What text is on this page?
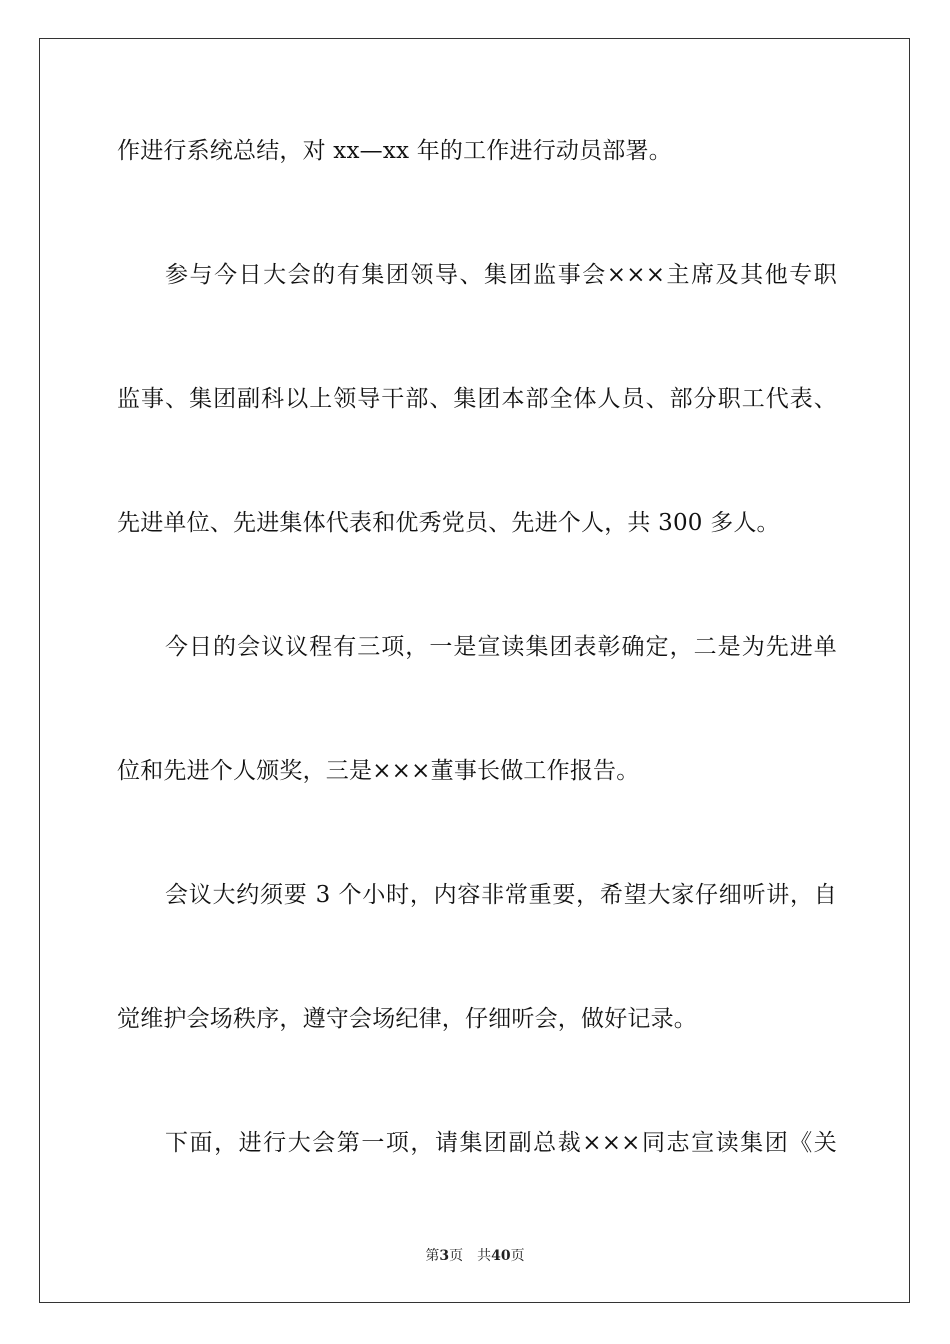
作进行系统总结，对 xx—xx 年的工作进行动员部署。
参与今日大会的有集团领导、集团监事会×××主席及其他专职
监事、集团副科以上领导干部、集团本部全体人员、部分职工代表、
先进单位、先进集体代表和优秀党员、先进个人，共 300 多人。
今日的会议议程有三项，一是宣读集团表彰确定，二是为先进单
位和先进个人颁奖，三是×××董事长做工作报告。
会议大约须要 3 个小时，内容非常重要，希望大家仔细听讲，自
觉维护会场秩序，遵守会场纪律，仔细听会，做好记录。
下面，进行大会第一项，请集团副总裁×××同志宣读集团《关
第3页 共40页
